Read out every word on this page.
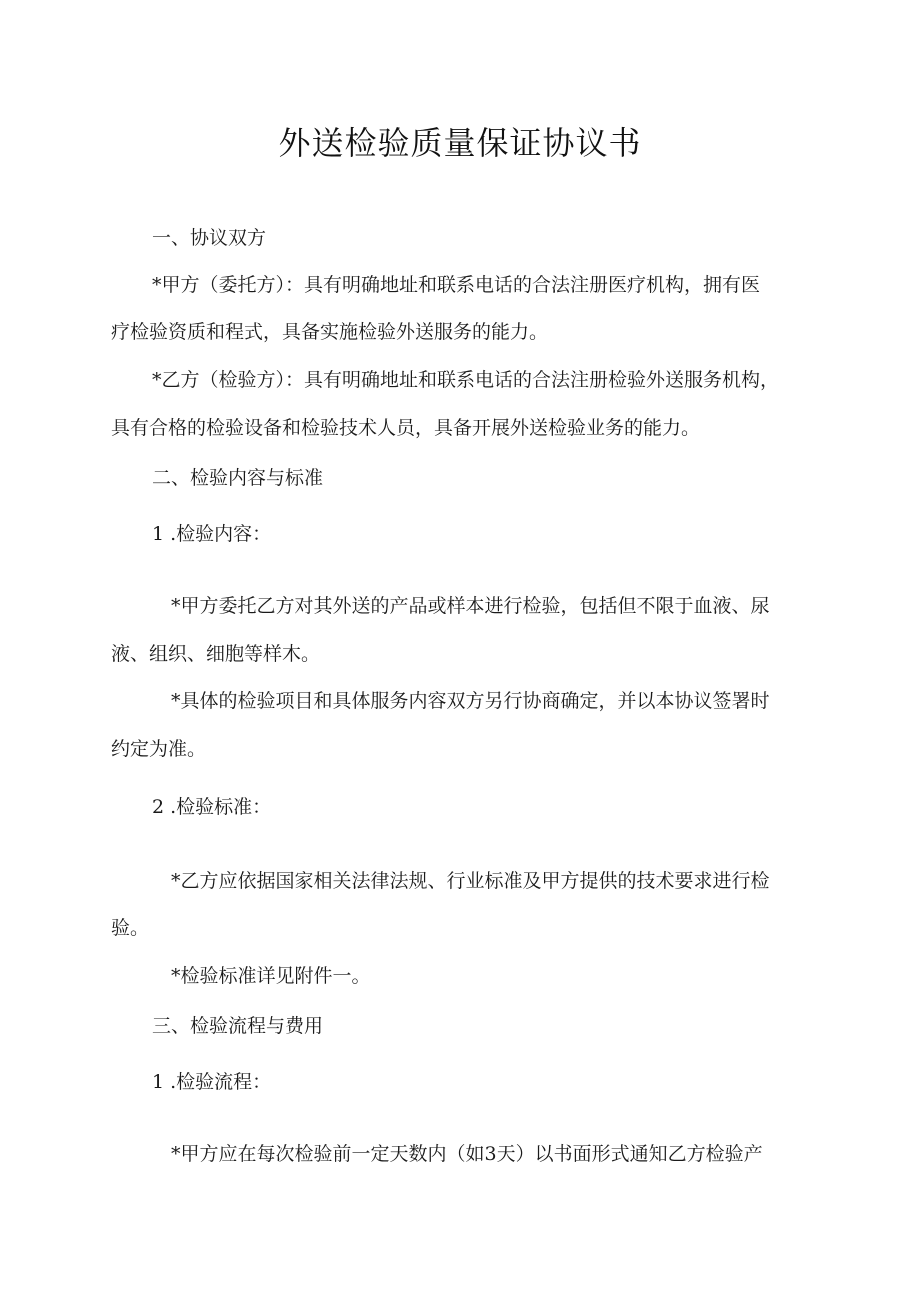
外送检验质量保证协议书
一、协议双方
*甲方（委托方）：具有明确地址和联系电话的合法注册医疗机构，拥有医
疗检验资质和程式，具备实施检验外送服务的能力。
*乙方（检验方）：具有明确地址和联系电话的合法注册检验外送服务机构，
具有合格的检验设备和检验技术人员，具备开展外送检验业务的能力。
二、检验内容与标准
1 .检验内容：
*甲方委托乙方对其外送的产品或样本进行检验，包括但不限于血液、尿
液、组织、细胞等样木。
*具体的检验项目和具体服务内容双方另行协商确定，并以本协议签署时
约定为准。
2 .检验标准：
*乙方应依据国家相关法律法规、行业标准及甲方提供的技术要求进行检
验。
*检验标准详见附件一。
三、检验流程与费用
1 .检验流程：
*甲方应在每次检验前一定天数内（如3天）以书面形式通知乙方检验产
